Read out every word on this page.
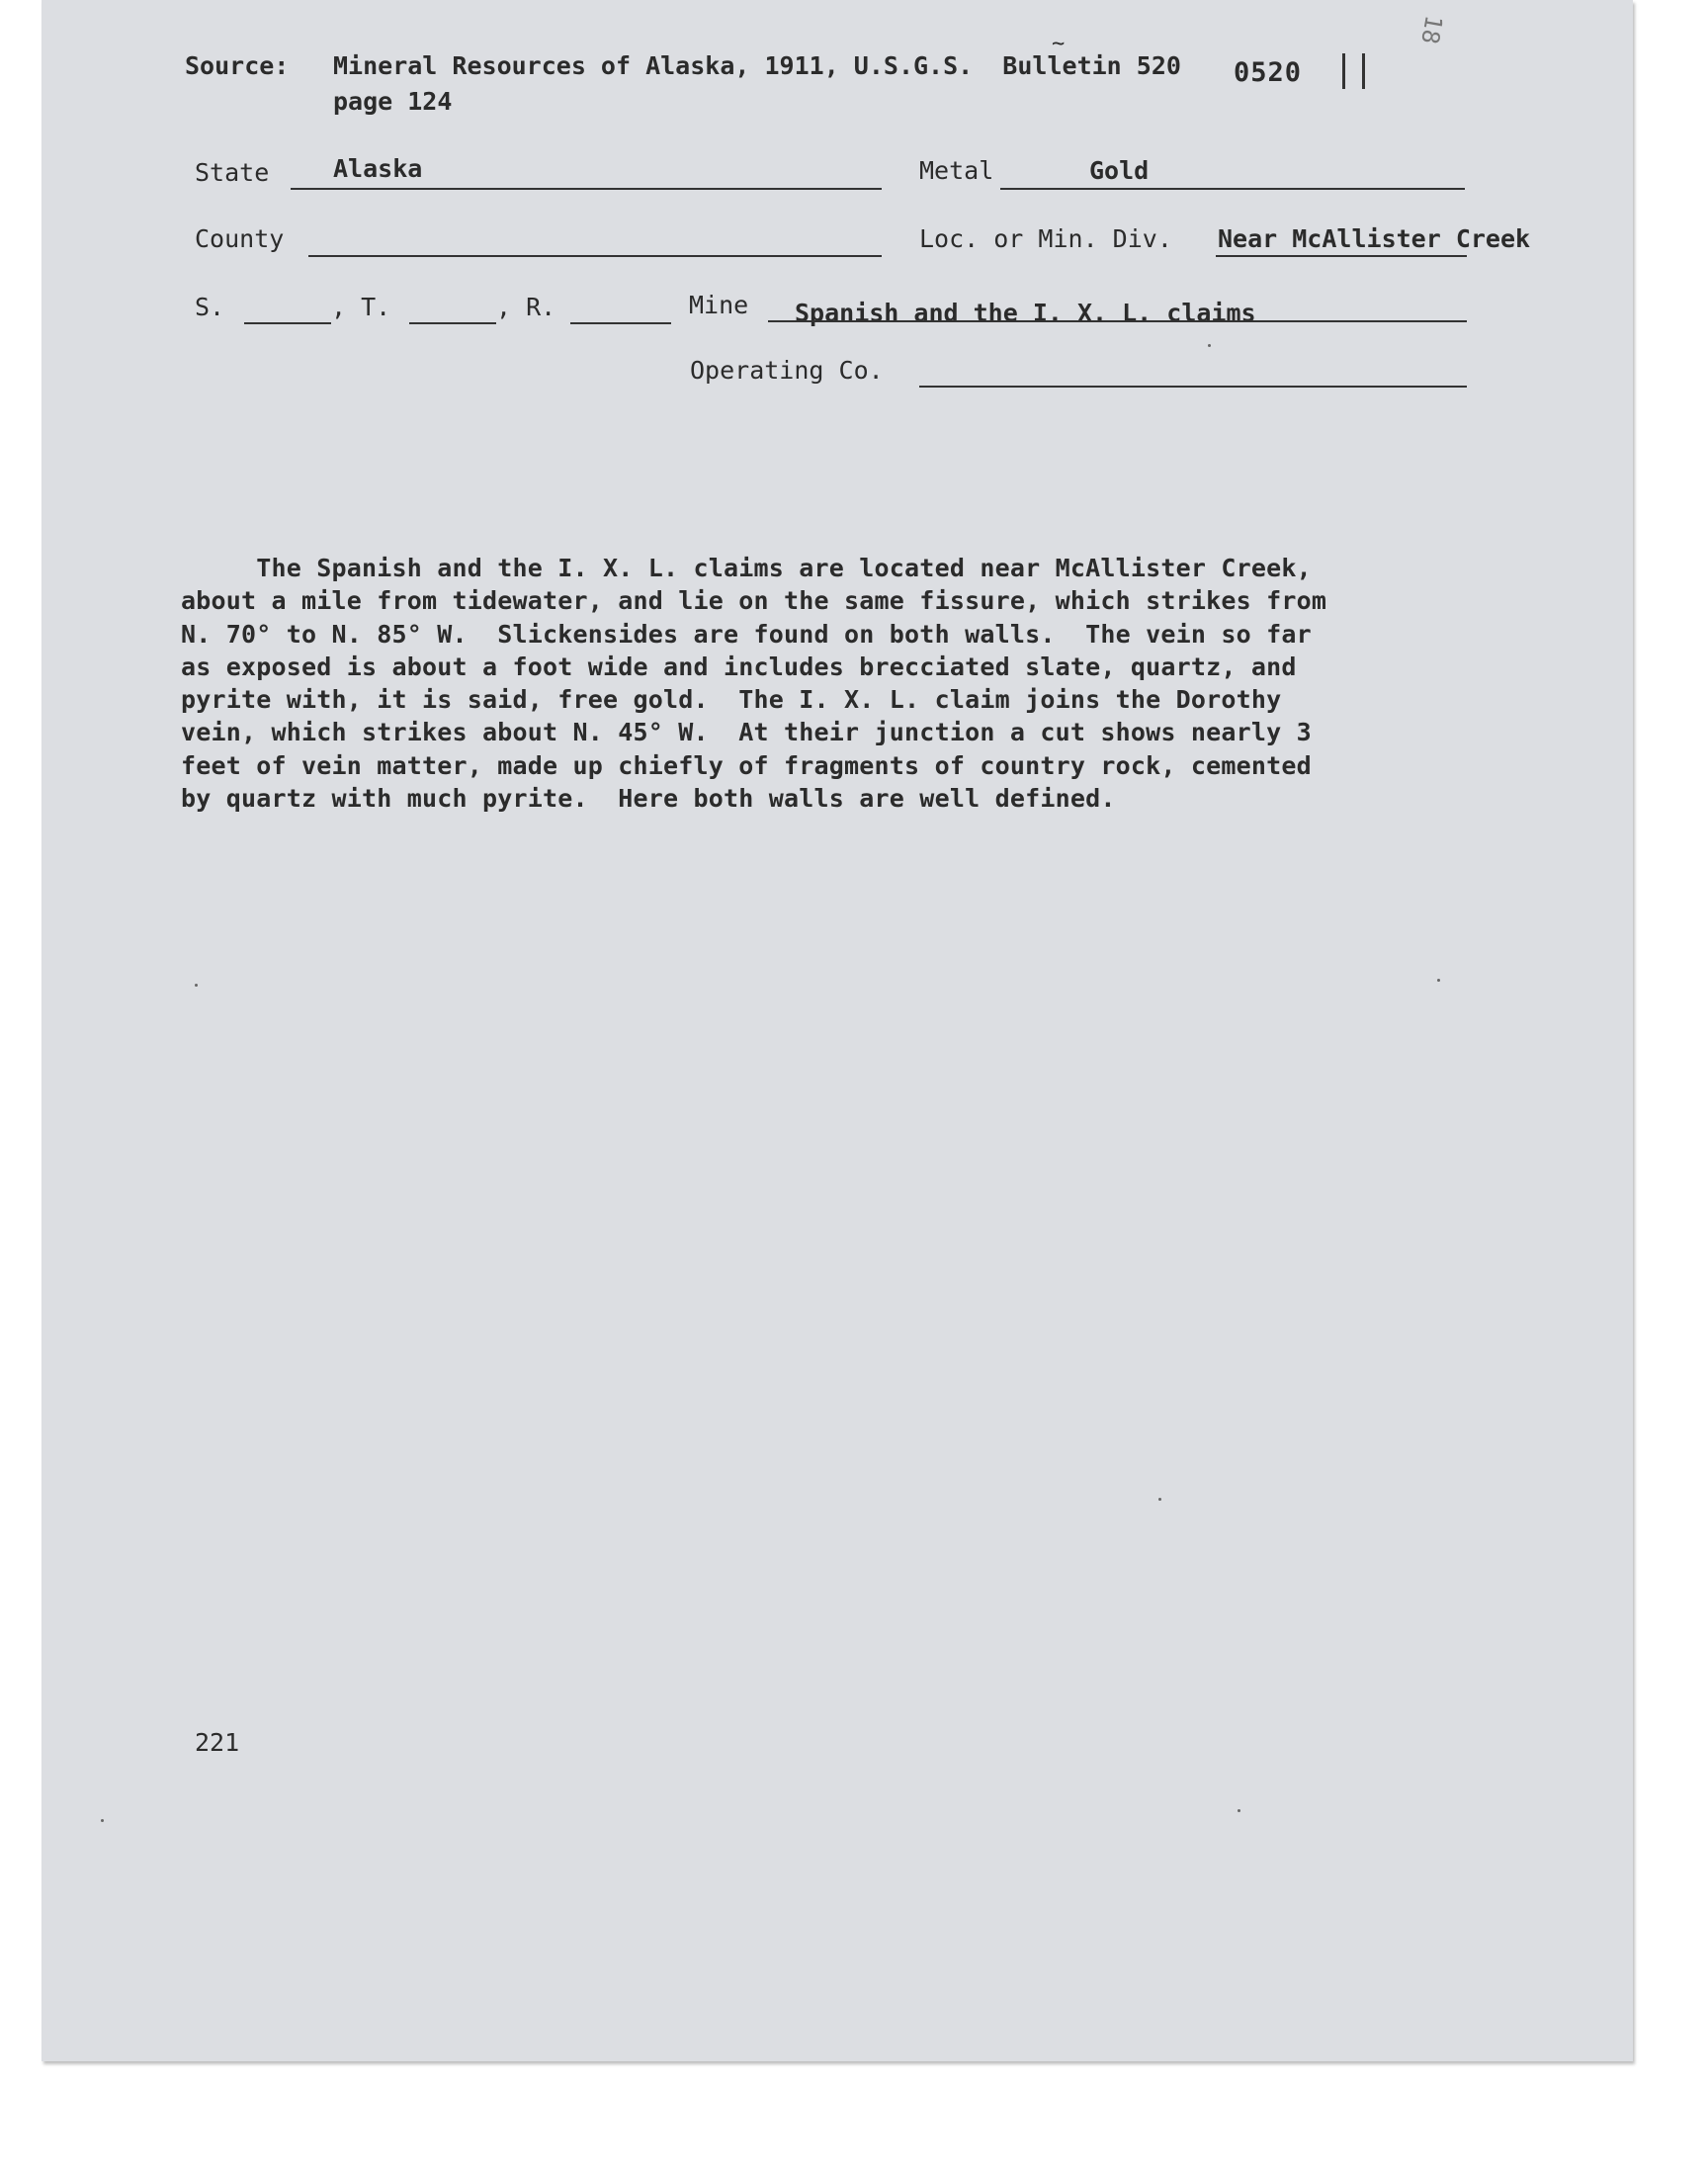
Source: Mineral Resources of Alaska, 1911, U.S.G.S.  Bulletin 520
~
page 124
0520
18
State	Alaska	Metal	Gold
County	Loc. or Min. Div. Near McAllister Creek
S.	, T.	, R.	Mine Spanish and the I. X. L. claims
Operating Co.
The Spanish and the I. X. L. claims are located near McAllister Creek,
about a mile from tidewater, and lie on the same fissure, which strikes from
N. 70° to N. 85° W.  Slickensides are found on both walls.  The vein so far
as exposed is about a foot wide and includes brecciated slate, quartz, and
pyrite with, it is said, free gold.  The I. X. L. claim joins the Dorothy
vein, which strikes about N. 45° W.  At their junction a cut shows nearly 3
feet of vein matter, made up chiefly of fragments of country rock, cemented
by quartz with much pyrite.  Here both walls are well defined.
221
